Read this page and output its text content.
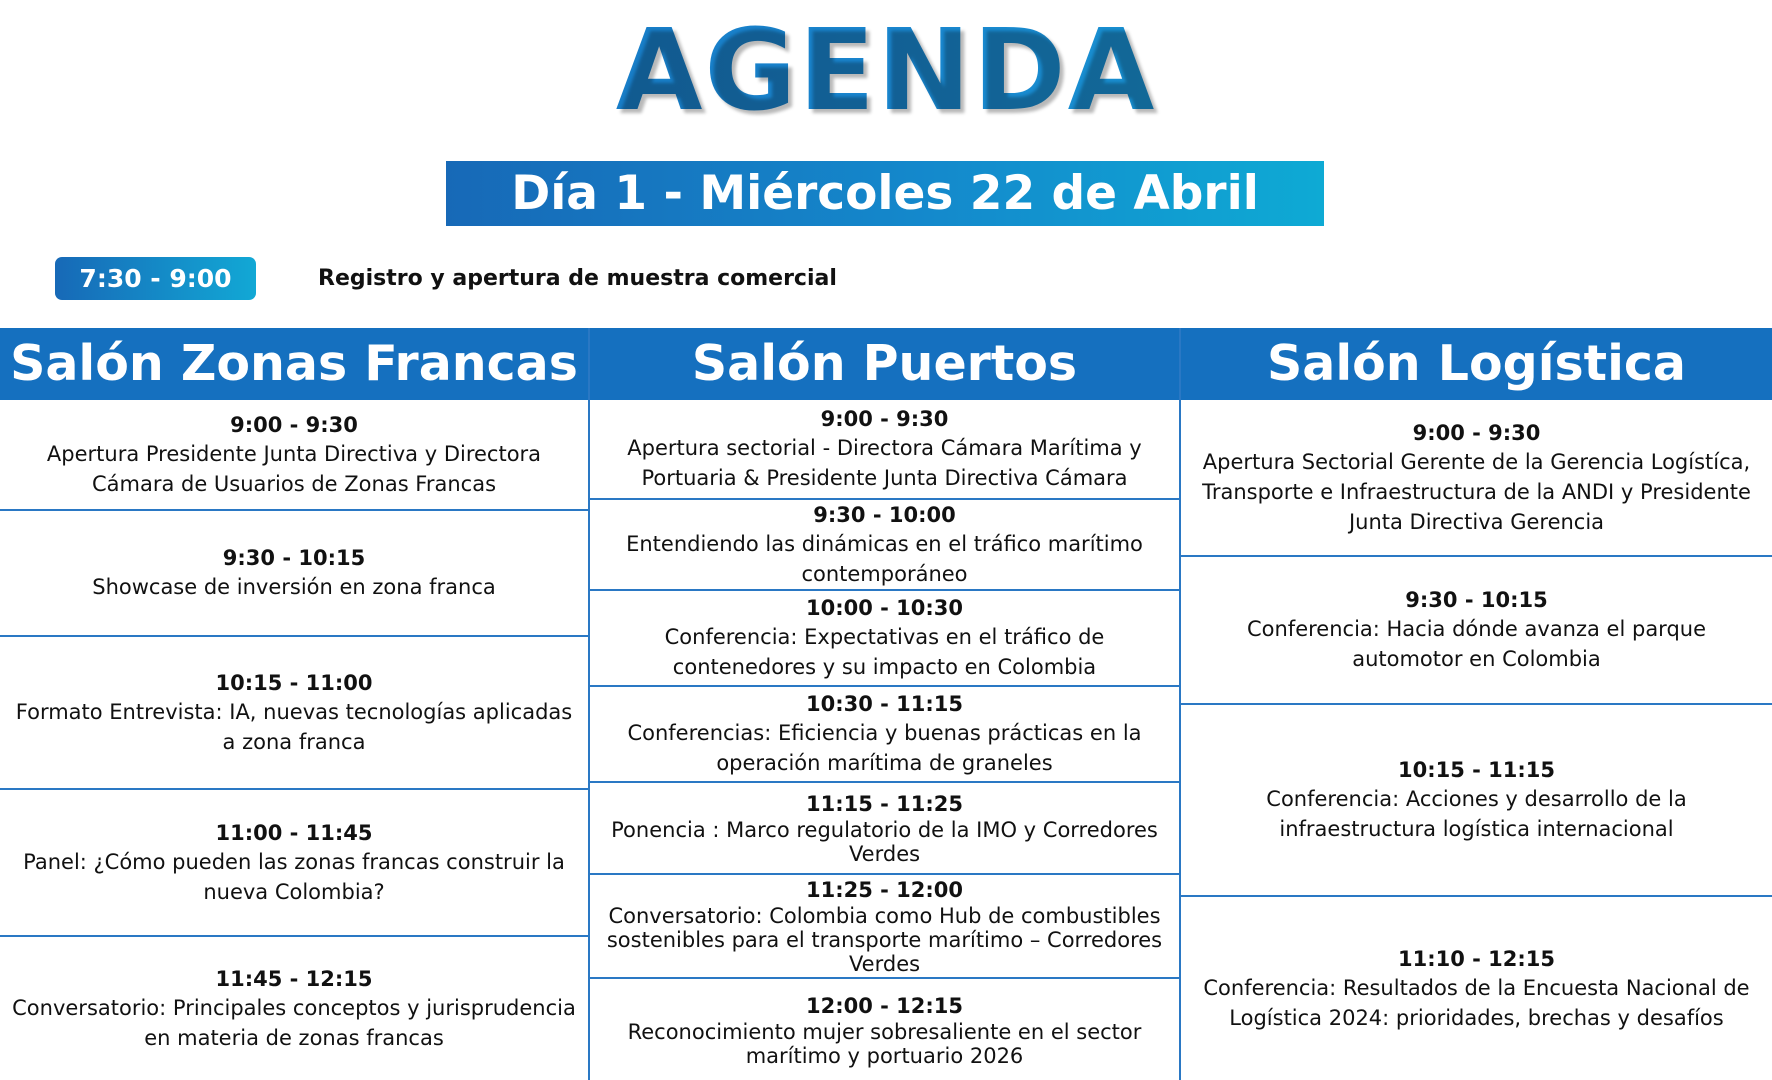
AGENDA
Día 1 - Miércoles 22 de Abril
7:30 - 9:00	Registro y apertura de muestra comercial
Salón Zonas Francas
9:00 - 9:30
Apertura Presidente Junta Directiva y Directora Cámara de Usuarios de Zonas Francas
9:30 - 10:15
Showcase de inversión en zona franca
10:15 - 11:00
Formato Entrevista: IA, nuevas tecnologías aplicadas a zona franca
11:00 - 11:45
Panel: ¿Cómo pueden las zonas francas construir la nueva Colombia?
11:45 - 12:15
Conversatorio: Principales conceptos y jurisprudencia en materia de zonas francas
Salón Puertos
9:00 - 9:30
Apertura sectorial - Directora Cámara Marítima y Portuaria & Presidente Junta Directiva Cámara
9:30 - 10:00
Entendiendo las dinámicas en el tráfico marítimo contemporáneo
10:00 - 10:30
Conferencia: Expectativas en el tráfico de contenedores y su impacto en Colombia
10:30 - 11:15
Conferencias: Eficiencia y buenas prácticas en la operación marítima de graneles
11:15 - 11:25
Ponencia : Marco regulatorio de la IMO y Corredores Verdes
11:25 - 12:00
Conversatorio: Colombia como Hub de combustibles sostenibles para el transporte marítimo – Corredores Verdes
12:00 - 12:15
Reconocimiento mujer sobresaliente en el sector marítimo y portuario 2026
Salón Logística
9:00 - 9:30
Apertura Sectorial Gerente de la Gerencia Logístíca, Transporte e Infraestructura de la ANDI y Presidente Junta Directiva Gerencia
9:30 - 10:15
Conferencia: Hacia dónde avanza el parque automotor en Colombia
10:15 - 11:15
Conferencia: Acciones y desarrollo de la infraestructura logística internacional
11:10 - 12:15
Conferencia: Resultados de la Encuesta Nacional de Logística 2024: prioridades, brechas y desafíos
